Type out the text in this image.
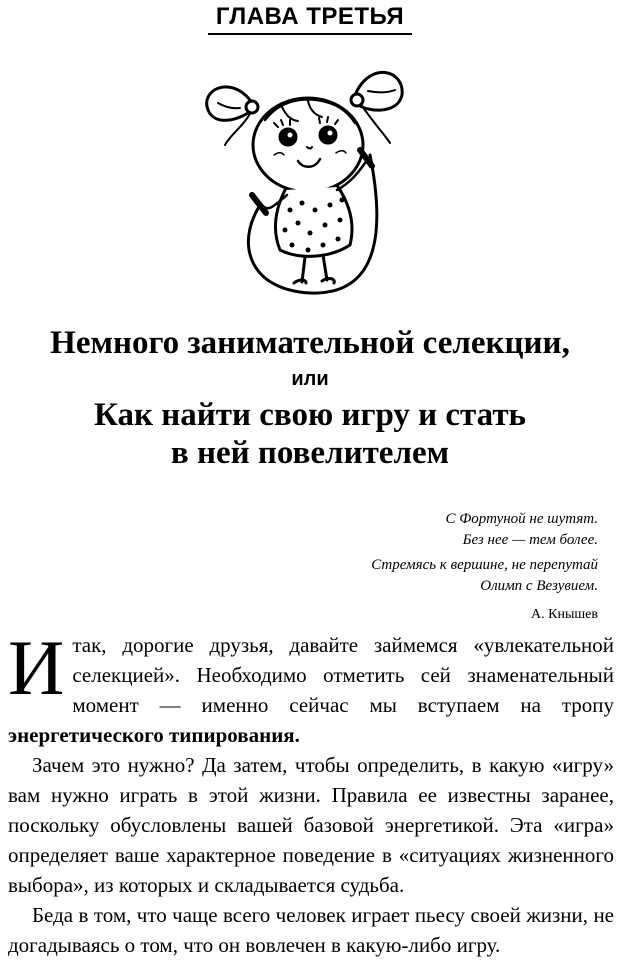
ГЛАВА ТРЕТЬЯ
Немного занимательной селекции,
или
Как найти свою игру и стать
в ней повелителем
С Фортуной не шутят.
Без нее — тем более.
Стремясь к вершине, не перепутай
Олимп с Везувием.
А. Кнышев

Итак, дорогие друзья, давайте займемся «увлекательной селекцией». Необходимо отметить сей знаменательный момент — именно сейчас мы вступаем на тропу энергетического типирования.

Зачем это нужно? Да затем, чтобы определить, в какую «игру» вам нужно играть в этой жизни. Правила ее известны заранее, поскольку обусловлены вашей базовой энергетикой. Эта «игра» определяет ваше характерное поведение в «ситуациях жизненного выбора», из которых и складывается судьба.

Беда в том, что чаще всего человек играет пьесу своей жизни, не догадываясь о том, что он вовлечен в какую-либо игру.
